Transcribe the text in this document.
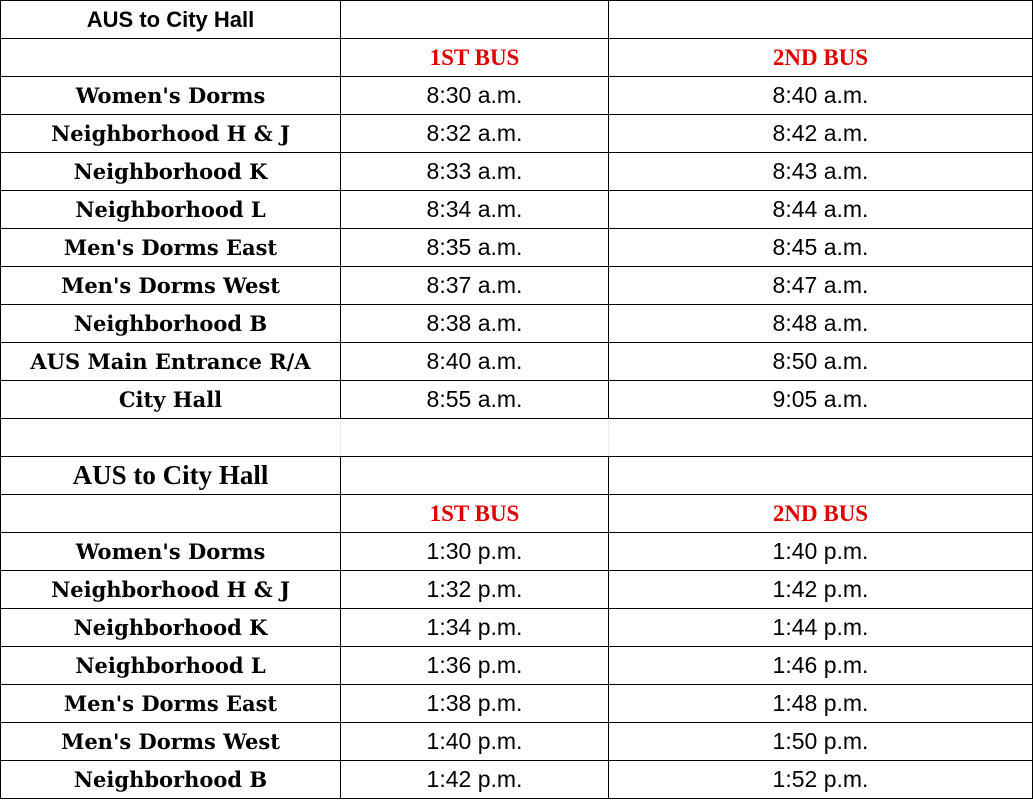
AUS to City Hall		
	1ST BUS	2ND BUS
Women's Dorms	8:30 a.m.	8:40 a.m.
Neighborhood H & J	8:32 a.m.	8:42 a.m.
Neighborhood K	8:33 a.m.	8:43 a.m.
Neighborhood L	8:34 a.m.	8:44 a.m.
Men's Dorms East	8:35 a.m.	8:45 a.m.
Men's Dorms West	8:37 a.m.	8:47 a.m.
Neighborhood B	8:38 a.m.	8:48 a.m.
AUS Main Entrance R/A	8:40 a.m.	8:50 a.m.
City Hall	8:55 a.m.	9:05 a.m.

AUS to City Hall		
	1ST BUS	2ND BUS
Women's Dorms	1:30 p.m.	1:40 p.m.
Neighborhood H & J	1:32 p.m.	1:42 p.m.
Neighborhood K	1:34 p.m.	1:44 p.m.
Neighborhood L	1:36 p.m.	1:46 p.m.
Men's Dorms East	1:38 p.m.	1:48 p.m.
Men's Dorms West	1:40 p.m.	1:50 p.m.
Neighborhood B	1:42 p.m.	1:52 p.m.
